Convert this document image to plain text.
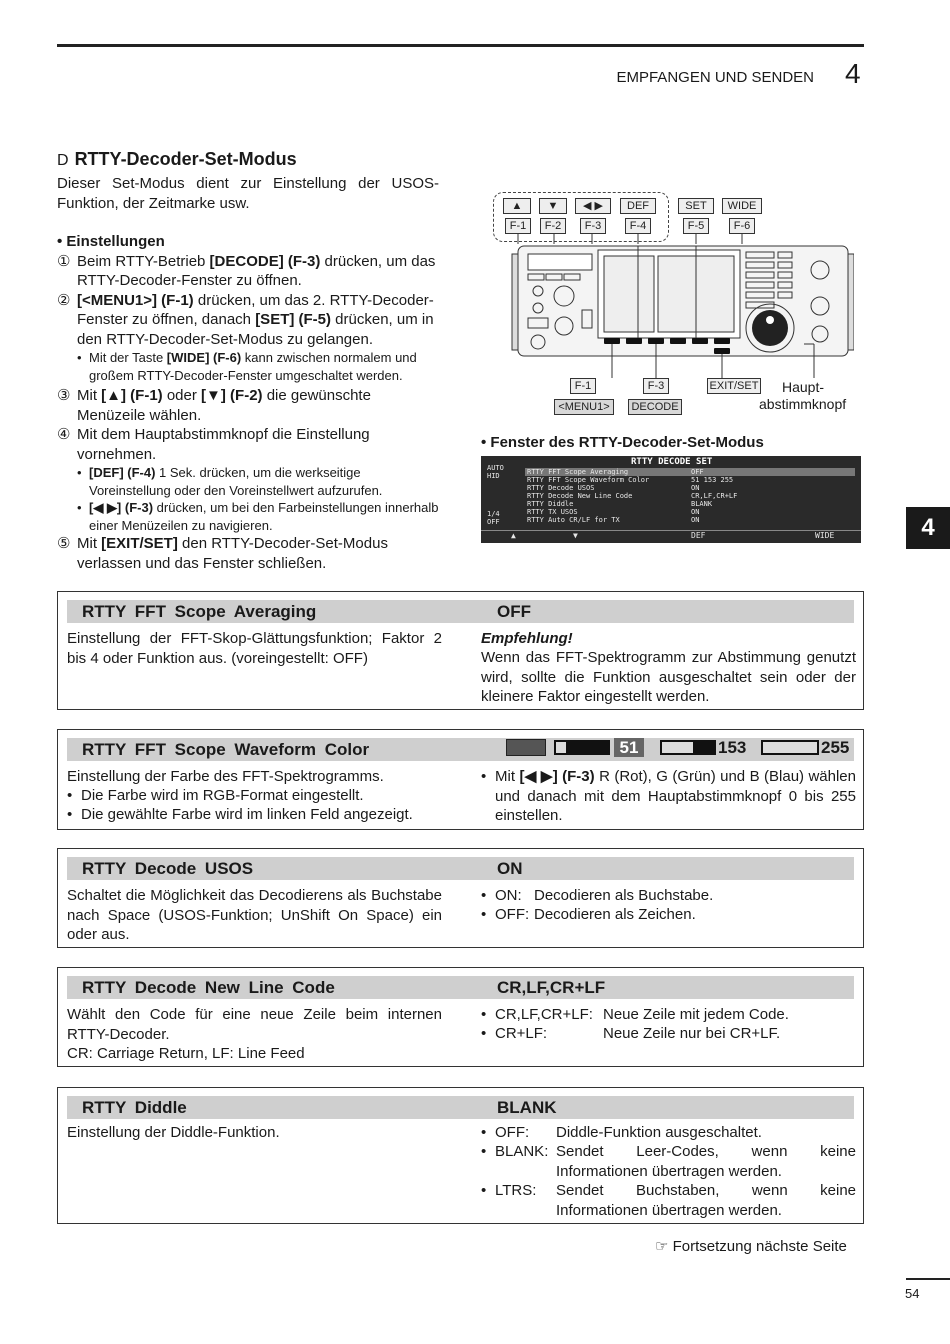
EMPFANGEN UND SENDEN 4
4
D RTTY-Decoder-Set-Modus
Dieser Set-Modus dient zur Einstellung der USOS-Funktion, der Zeitmarke usw.
• Einstellungen
① Beim RTTY-Betrieb [DECODE] (F-3) drücken, um das RTTY-Decoder-Fenster zu öffnen.
② [<MENU1>] (F-1) drücken, um das 2. RTTY-Decoder-Fenster zu öffnen, danach [SET] (F-5) drücken, um in den RTTY-Decoder-Set-Modus zu gelangen.
• Mit der Taste [WIDE] (F-6) kann zwischen normalem und großem RTTY-Decoder-Fenster umgeschaltet werden.
③ Mit [▲] (F-1) oder [▼] (F-2) die gewünschte Menüzeile wählen.
④ Mit dem Hauptabstimmknopf die Einstellung vornehmen.
• [DEF] (F-4) 1 Sek. drücken, um die werkseitige Voreinstellung oder den Voreinstellwert aufzurufen.
• [◀ ▶] (F-3) drücken, um bei den Farbeinstellungen innerhalb einer Menüzeilen zu navigieren.
⑤ Mit [EXIT/SET] den RTTY-Decoder-Set-Modus verlassen und das Fenster schließen.
▲	▼	◀ ▶	DEF
F-1	F-2	F-3	F-4
SET	WIDE
F-5	F-6
F-1	F-3	EXIT/SET
<MENU1>	DECODE
Haupt-
abstimmknopf
• Fenster des RTTY-Decoder-Set-Modus
RTTY DECODE SET
AUTO
HID
1/4
OFF
RTTY FFT Scope Averaging	OFF
RTTY FFT Scope Waveform Color	51 153 255
RTTY Decode USOS	ON
RTTY Decode New Line Code	CR,LF,CR+LF
RTTY Diddle	BLANK
RTTY TX USOS	ON
RTTY Auto CR/LF for TX	ON
▲	▼	DEF	WIDE
RTTY FFT Scope Averaging	OFF
Einstellung der FFT-Skop-Glättungsfunktion; Faktor 2 bis 4 oder Funktion aus. (voreingestellt: OFF)
Empfehlung!
Wenn das FFT-Spektrogramm zur Abstimmung genutzt wird, sollte die Funktion ausgeschaltet sein oder der kleinere Faktor eingestellt werden.
RTTY FFT Scope Waveform Color	51	153	255
Einstellung der Farbe des FFT-Spektrogramms.
• Die Farbe wird im RGB-Format eingestellt.
• Die gewählte Farbe wird im linken Feld angezeigt.
• Mit [◀ ▶] (F-3) R (Rot), G (Grün) und B (Blau) wählen und danach mit dem Hauptabstimmknopf 0 bis 255 einstellen.
RTTY Decode USOS	ON
Schaltet die Möglichkeit das Decodierens als Buchstabe nach Space (USOS-Funktion; UnShift On Space) ein oder aus.
• ON: Decodieren als Buchstabe.
• OFF: Decodieren als Zeichen.
RTTY Decode New Line Code	CR,LF,CR+LF
Wählt den Code für eine neue Zeile beim internen RTTY-Decoder.
CR: Carriage Return, LF: Line Feed
• CR,LF,CR+LF: Neue Zeile mit jedem Code.
• CR+LF:	Neue Zeile nur bei CR+LF.
RTTY Diddle	BLANK
Einstellung der Diddle-Funktion.	• OFF: Diddle-Funktion ausgeschaltet.
• BLANK: Sendet Leer-Codes, wenn keine Informationen übertragen werden.
• LTRS: Sendet Buchstaben, wenn keine Informationen übertragen werden.
☞ Fortsetzung nächste Seite
54
